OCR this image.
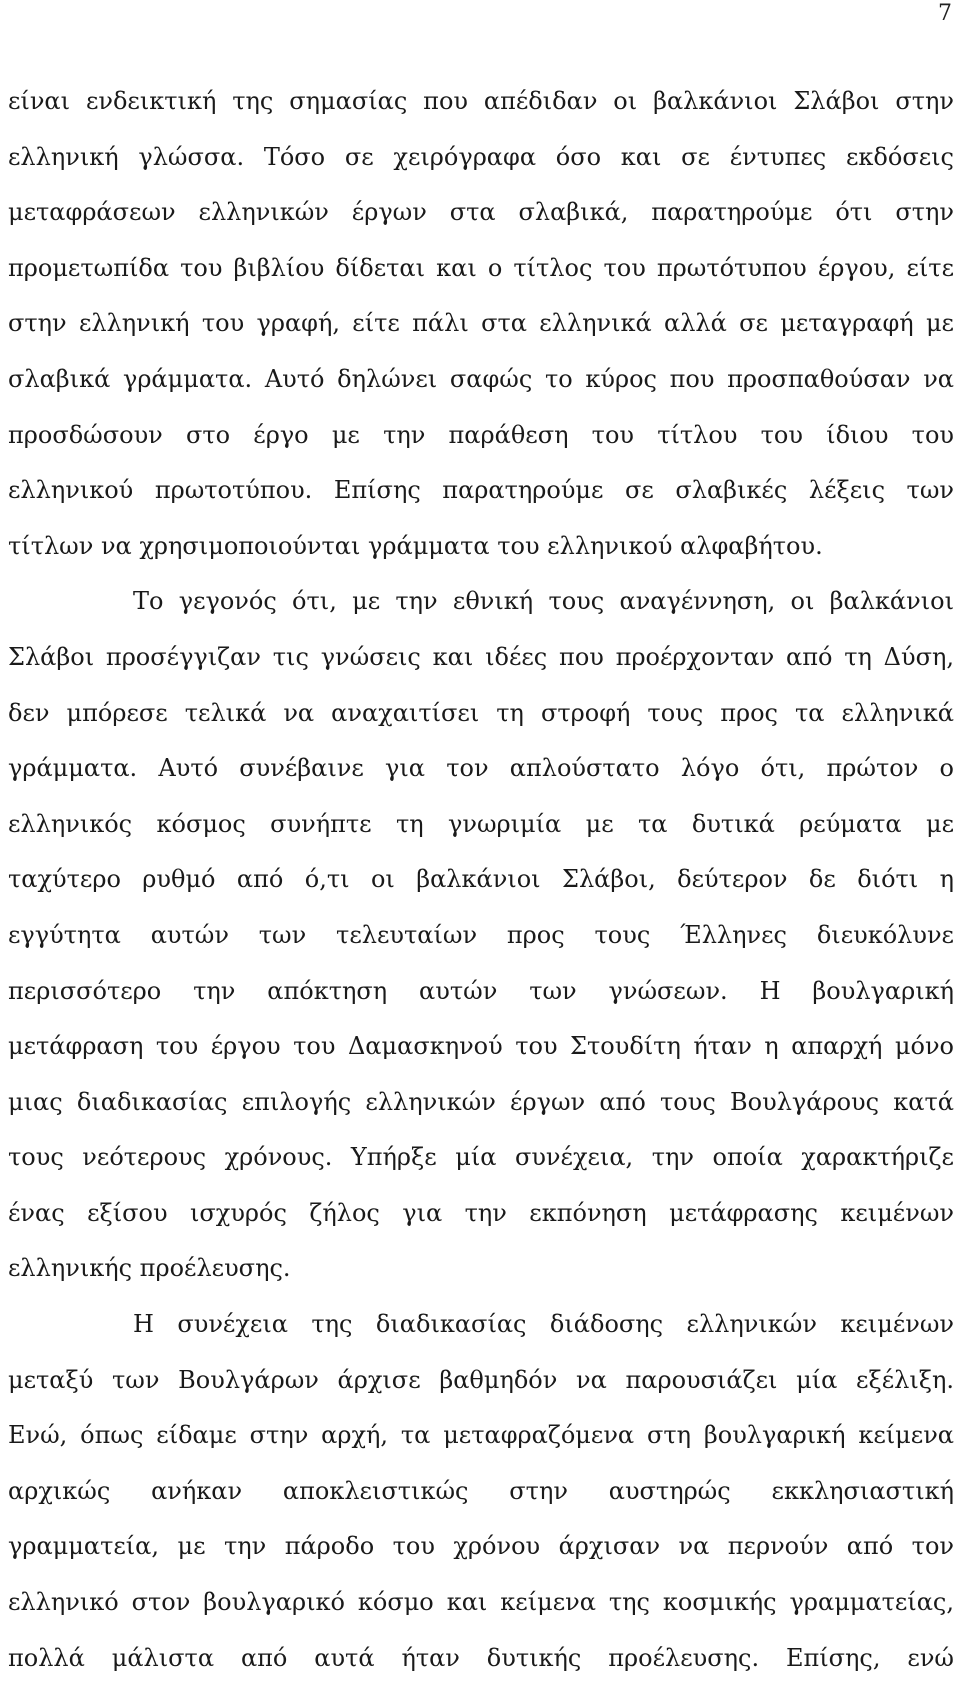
7
είναι ενδεικτική της σημασίας που απέδιδαν οι βαλκάνιοι Σλάβοι στην
ελληνική γλώσσα. Τόσο σε χειρόγραφα όσο και σε έντυπες εκδόσεις
μεταφράσεων ελληνικών έργων στα σλαβικά, παρατηρούμε ότι στην
προμετωπίδα του βιβλίου δίδεται και ο τίτλος του πρωτότυπου έργου, είτε
στην ελληνική του γραφή, είτε πάλι στα ελληνικά αλλά σε μεταγραφή με
σλαβικά γράμματα. Αυτό δηλώνει σαφώς το κύρος που προσπαθούσαν να
προσδώσουν στο έργο με την παράθεση του τίτλου του ίδιου του
ελληνικού πρωτοτύπου. Επίσης παρατηρούμε σε σλαβικές λέξεις των
τίτλων να χρησιμοποιούνται γράμματα του ελληνικού αλφαβήτου.
Το γεγονός ότι, με την εθνική τους αναγέννηση, οι βαλκάνιοι
Σλάβοι προσέγγιζαν τις γνώσεις και ιδέες που προέρχονταν από τη Δύση,
δεν μπόρεσε τελικά να αναχαιτίσει τη στροφή τους προς τα ελληνικά
γράμματα. Αυτό συνέβαινε για τον απλούστατο λόγο ότι, πρώτον ο
ελληνικός κόσμος συνήπτε τη γνωριμία με τα δυτικά ρεύματα με
ταχύτερο ρυθμό από ό,τι οι βαλκάνιοι Σλάβοι, δεύτερον δε διότι η
εγγύτητα αυτών των τελευταίων προς τους Έλληνες διευκόλυνε
περισσότερο την απόκτηση αυτών των γνώσεων. Η βουλγαρική
μετάφραση του έργου του Δαμασκηνού του Στουδίτη ήταν η απαρχή μόνο
μιας διαδικασίας επιλογής ελληνικών έργων από τους Βουλγάρους κατά
τους νεότερους χρόνους. Υπήρξε μία συνέχεια, την οποία χαρακτήριζε
ένας εξίσου ισχυρός ζήλος για την εκπόνηση μετάφρασης κειμένων
ελληνικής προέλευσης.
Η συνέχεια της διαδικασίας διάδοσης ελληνικών κειμένων
μεταξύ των Βουλγάρων άρχισε βαθμηδόν να παρουσιάζει μία εξέλιξη.
Ενώ, όπως είδαμε στην αρχή, τα μεταφραζόμενα στη βουλγαρική κείμενα
αρχικώς ανήκαν αποκλειστικώς στην αυστηρώς εκκλησιαστική
γραμματεία, με την πάροδο του χρόνου άρχισαν να περνούν από τον
ελληνικό στον βουλγαρικό κόσμο και κείμενα της κοσμικής γραμματείας,
πολλά μάλιστα από αυτά ήταν δυτικής προέλευσης. Επίσης, ενώ
